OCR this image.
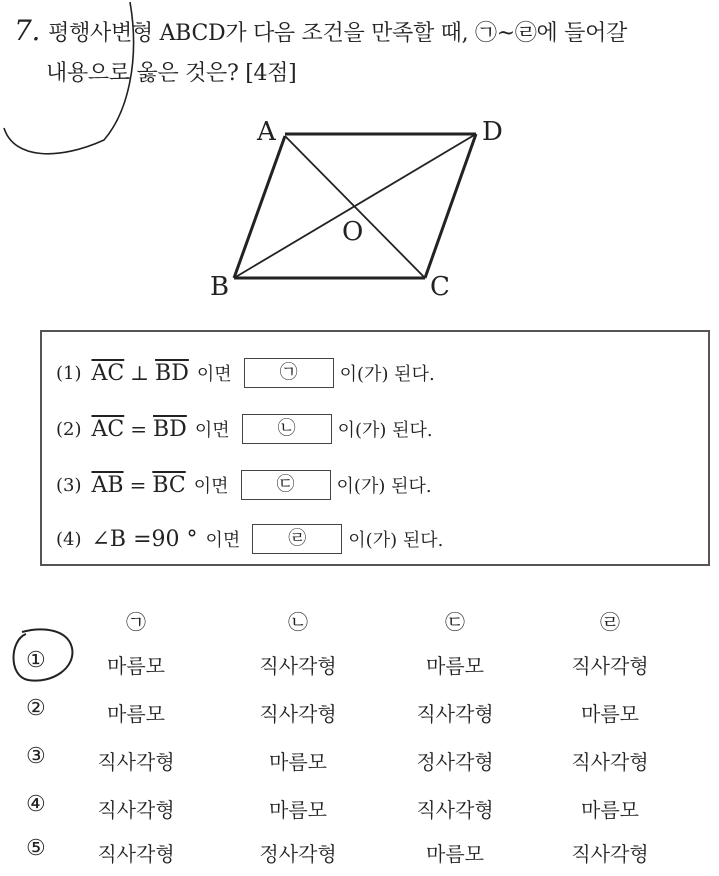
7. 평행사변형 ABCD가 다음 조건을 만족할 때, ㉠~㉣에 들어갈
내용으로 옳은 것은? [4점]
A	D
B	C
O
(1) $\overline{AC}$ ⊥ $\overline{BD}$ 이면	㉠	이(가) 된다.
(2) $\overline{AC} = \overline{BD}$ 이면	㉡	이(가) 된다.
(3) $\overline{AB} = \overline{BC}$ 이면	㉢	이(가) 된다.
(4) ∠B =90 ° 이면	㉣	이(가) 된다.
㉠	㉡	㉢	㉣
①	마름모	직사각형	마름모	직사각형
②	마름모	직사각형	직사각형	마름모
③	직사각형	마름모	정사각형	직사각형
④	직사각형	마름모	직사각형	마름모
⑤	직사각형	정사각형	마름모	직사각형
